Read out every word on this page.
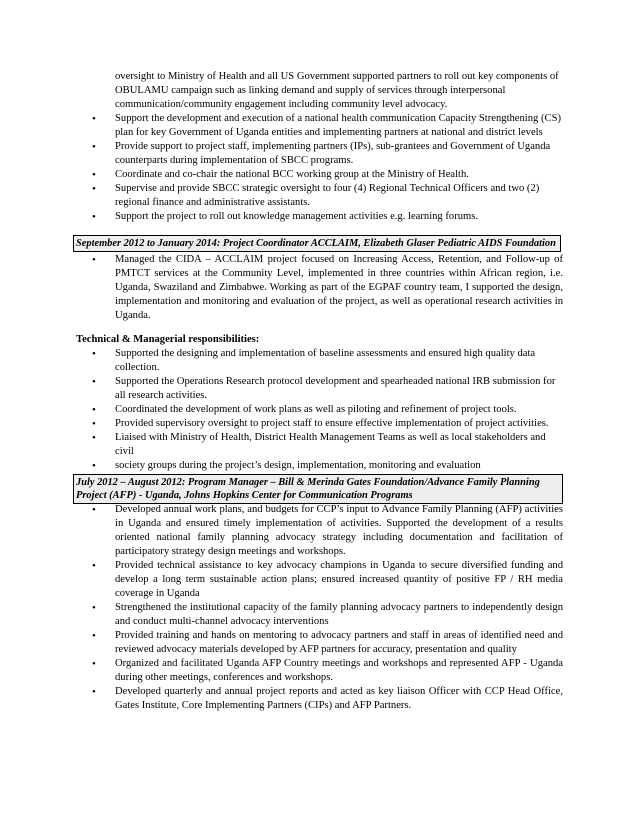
oversight to Ministry of Health and all US Government supported partners to roll out key components of
OBULAMU campaign such as linking demand and supply of services through interpersonal
communication/community engagement including community level advocacy.
• Support the development and execution of a national health communication Capacity Strengthening (CS) plan for key Government of Uganda entities and implementing partners at national and district levels
• Provide support to project staff, implementing partners (IPs), sub-grantees and Government of Uganda counterparts during implementation of SBCC programs.
• Coordinate and co-chair the national BCC working group at the Ministry of Health.
• Supervise and provide SBCC strategic oversight to four (4) Regional Technical Officers and two (2) regional finance and administrative assistants.
• Support the project to roll out knowledge management activities e.g. learning forums.
September 2012 to January 2014: Project Coordinator ACCLAIM, Elizabeth Glaser Pediatric AIDS Foundation
• Managed the CIDA – ACCLAIM project focused on Increasing Access, Retention, and Follow-up of PMTCT services at the Community Level, implemented in three countries within African region, i.e. Uganda, Swaziland and Zimbabwe. Working as part of the EGPAF country team, I supported the design, implementation and monitoring and evaluation of the project, as well as operational research activities in Uganda.
Technical & Managerial responsibilities:
• Supported the designing and implementation of baseline assessments and ensured high quality data collection.
• Supported the Operations Research protocol development and spearheaded national IRB submission for all research activities.
• Coordinated the development of work plans as well as piloting and refinement of project tools.
• Provided supervisory oversight to project staff to ensure effective implementation of project activities.
• Liaised with Ministry of Health, District Health Management Teams as well as local stakeholders and civil
• society groups during the project’s design, implementation, monitoring and evaluation
July 2012 – August 2012: Program Manager – Bill & Merinda Gates Foundation/Advance Family Planning
Project (AFP) - Uganda, Johns Hopkins Center for Communication Programs
• Developed annual work plans, and budgets for CCP’s input to Advance Family Planning (AFP) activities in Uganda and ensured timely implementation of activities. Supported the development of a results oriented national family planning advocacy strategy including documentation and facilitation of participatory strategy design meetings and workshops.
• Provided technical assistance to key advocacy champions in Uganda to secure diversified funding and develop a long term sustainable action plans; ensured increased quantity of positive FP / RH media coverage in Uganda
• Strengthened the institutional capacity of the family planning advocacy partners to independently design and conduct multi-channel advocacy interventions
• Provided training and hands on mentoring to advocacy partners and staff in areas of identified need and reviewed advocacy materials developed by AFP partners for accuracy, presentation and quality
• Organized and facilitated Uganda AFP Country meetings and workshops and represented AFP - Uganda during other meetings, conferences and workshops.
• Developed quarterly and annual project reports and acted as key liaison Officer with CCP Head Office, Gates Institute, Core Implementing Partners (CIPs) and AFP Partners.
